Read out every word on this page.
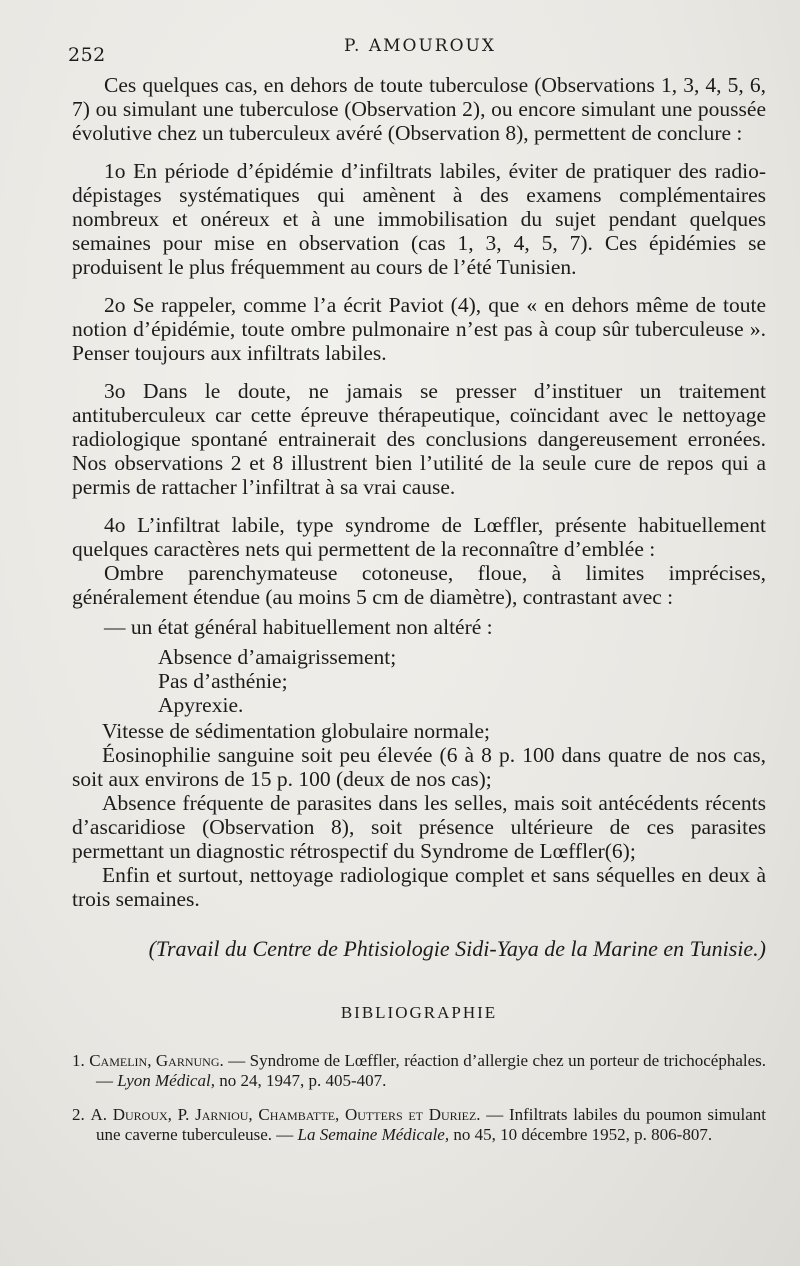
252	P. AMOUROUX

Ces quelques cas, en dehors de toute tuberculose (Observations 1, 3, 4, 5, 6, 7) ou simulant une tuberculose (Observation 2), ou encore simulant une poussée évolutive chez un tuberculeux avéré (Observation 8), permettent de conclure :

1o En période d’épidémie d’infiltrats labiles, éviter de pratiquer des radio-dépistages systématiques qui amènent à des examens complémentaires nombreux et onéreux et à une immobilisation du sujet pendant quelques semaines pour mise en observation (cas 1, 3, 4, 5, 7). Ces épidémies se produisent le plus fréquemment au cours de l’été Tunisien.

2o Se rappeler, comme l’a écrit Paviot (4), que « en dehors même de toute notion d’épidémie, toute ombre pulmonaire n’est pas à coup sûr tuberculeuse ». Penser toujours aux infiltrats labiles.

3o Dans le doute, ne jamais se presser d’instituer un traitement antituberculeux car cette épreuve thérapeutique, coïncidant avec le nettoyage radiologique spontané entrainerait des conclusions dangereusement erronées. Nos observations 2 et 8 illustrent bien l’utilité de la seule cure de repos qui a permis de rattacher l’infiltrat à sa vrai cause.

4o L’infiltrat labile, type syndrome de Lœffler, présente habituellement quelques caractères nets qui permettent de la reconnaître d’emblée :

Ombre parenchymateuse cotoneuse, floue, à limites imprécises, généralement étendue (au moins 5 cm de diamètre), contrastant avec :

— un état général habituellement non altéré :

Absence d’amaigrissement;

Pas d’asthénie;

Apyrexie.

Vitesse de sédimentation globulaire normale;

Éosinophilie sanguine soit peu élevée (6 à 8 p. 100 dans quatre de nos cas, soit aux environs de 15 p. 100 (deux de nos cas);

Absence fréquente de parasites dans les selles, mais soit antécédents récents d’ascaridiose (Observation 8), soit présence ultérieure de ces parasites permettant un diagnostic rétrospectif du Syndrome de Lœffler(6);

Enfin et surtout, nettoyage radiologique complet et sans séquelles en deux à trois semaines.

(Travail du Centre de Phtisiologie Sidi-Yaya de la Marine en Tunisie.)

BIBLIOGRAPHIE

1. Camelin, Garnung. — Syndrome de Lœffler, réaction d’allergie chez un porteur de trichocéphales. — Lyon Médical, no 24, 1947, p. 405-407.

2. A. Duroux, P. Jarniou, Chambatte, Outters et Duriez. — Infiltrats labiles du poumon simulant une caverne tuberculeuse. — La Semaine Médicale, no 45, 10 décembre 1952, p. 806-807.
